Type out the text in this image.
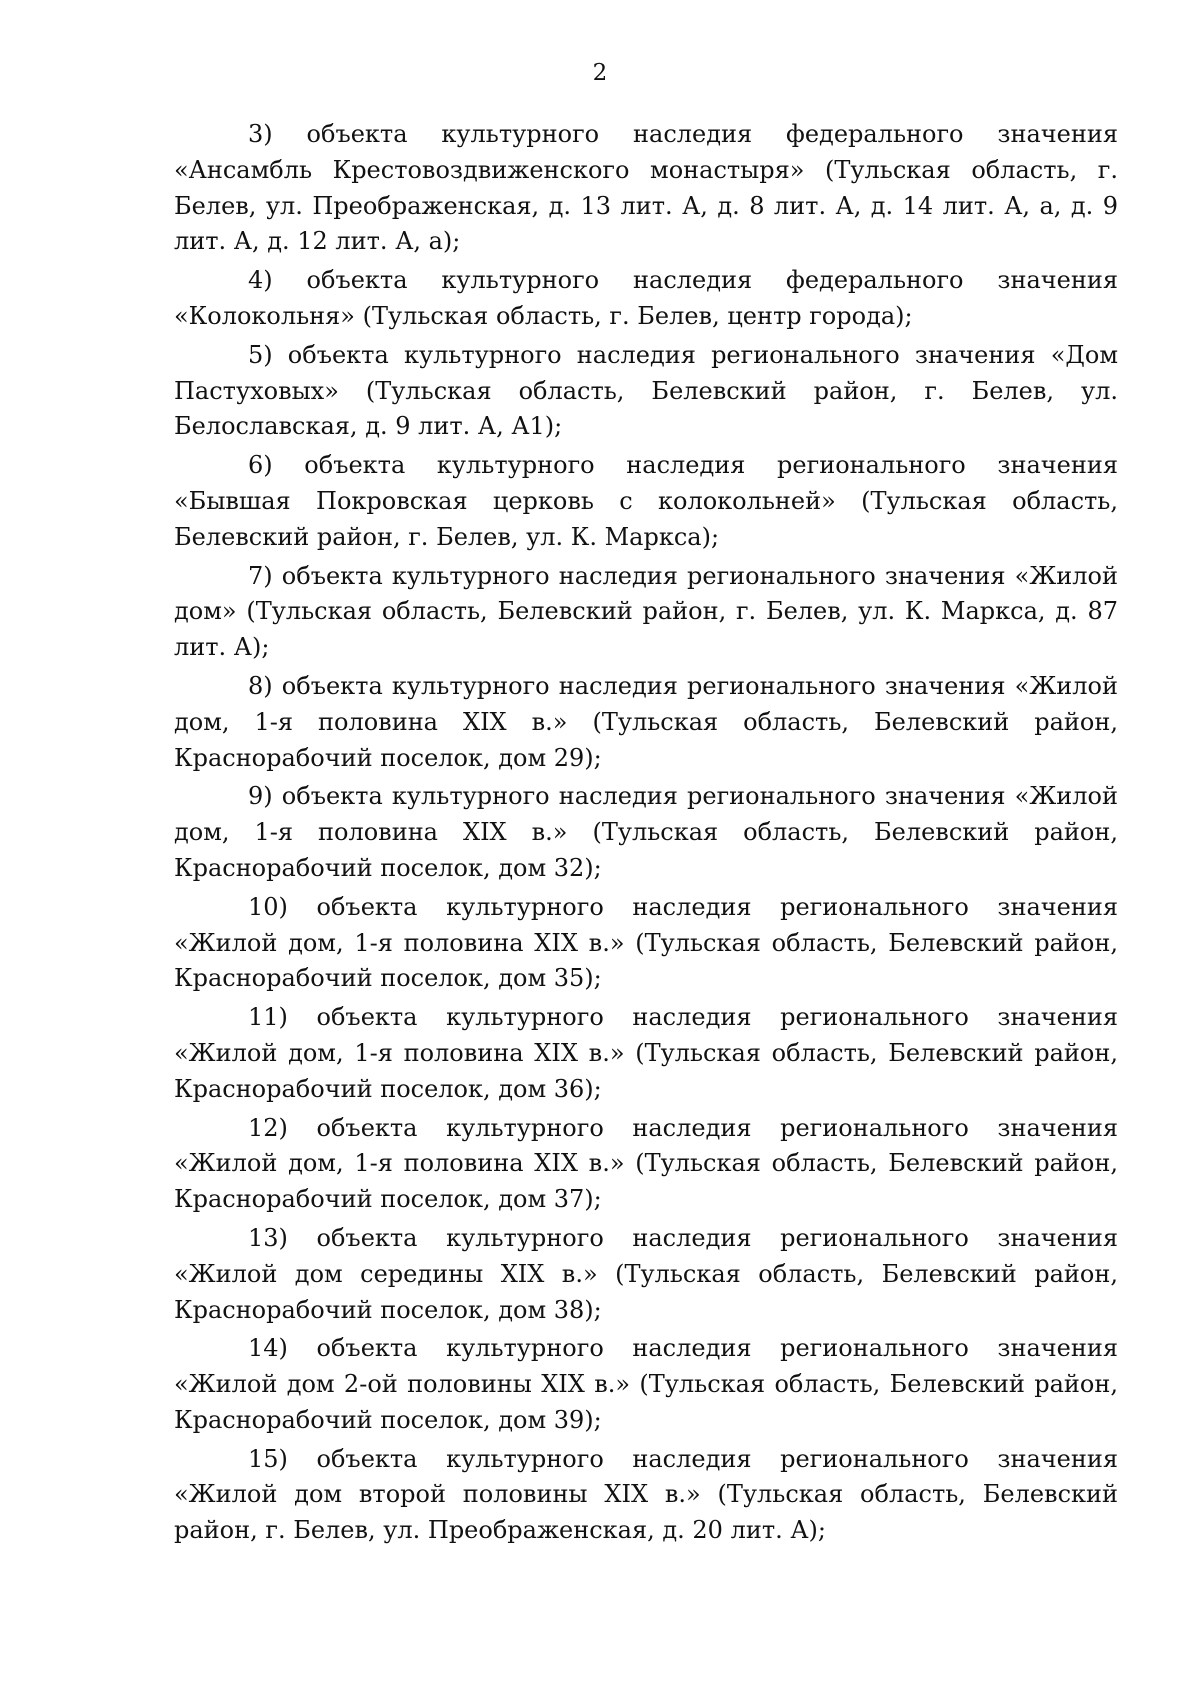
2

3) объекта культурного наследия федерального значения «Ансамбль Крестовоздвиженского монастыря» (Тульская область, г. Белев, ул. Преображенская, д. 13 лит. А, д. 8 лит. А, д. 14 лит. А, а, д. 9 лит. А, д. 12 лит. А, а);

4) объекта культурного наследия федерального значения «Колокольня» (Тульская область, г. Белев, центр города);

5) объекта культурного наследия регионального значения «Дом Пастуховых» (Тульская область, Белевский район, г. Белев, ул. Белославская, д. 9 лит. А, А1);

6) объекта культурного наследия регионального значения «Бывшая Покровская церковь с колокольней» (Тульская область, Белевский район, г. Белев, ул. К. Маркса);

7) объекта культурного наследия регионального значения «Жилой дом» (Тульская область, Белевский район, г. Белев, ул. К. Маркса, д. 87 лит. А);

8) объекта культурного наследия регионального значения «Жилой дом, 1-я половина XIX в.» (Тульская область, Белевский район, Краснорабочий поселок, дом 29);

9) объекта культурного наследия регионального значения «Жилой дом, 1-я половина XIX в.» (Тульская область, Белевский район, Краснорабочий поселок, дом 32);

10) объекта культурного наследия регионального значения «Жилой дом, 1-я половина XIX в.» (Тульская область, Белевский район, Краснорабочий поселок, дом 35);

11) объекта культурного наследия регионального значения «Жилой дом, 1-я половина XIX в.» (Тульская область, Белевский район, Краснорабочий поселок, дом 36);

12) объекта культурного наследия регионального значения «Жилой дом, 1-я половина XIX в.» (Тульская область, Белевский район, Краснорабочий поселок, дом 37);

13) объекта культурного наследия регионального значения «Жилой дом середины XIX в.» (Тульская область, Белевский район, Краснорабочий поселок, дом 38);

14) объекта культурного наследия регионального значения «Жилой дом 2-ой половины XIX в.» (Тульская область, Белевский район, Краснорабочий поселок, дом 39);

15) объекта культурного наследия регионального значения «Жилой дом второй половины XIX в.» (Тульская область, Белевский район, г. Белев, ул. Преображенская, д. 20 лит. А);
